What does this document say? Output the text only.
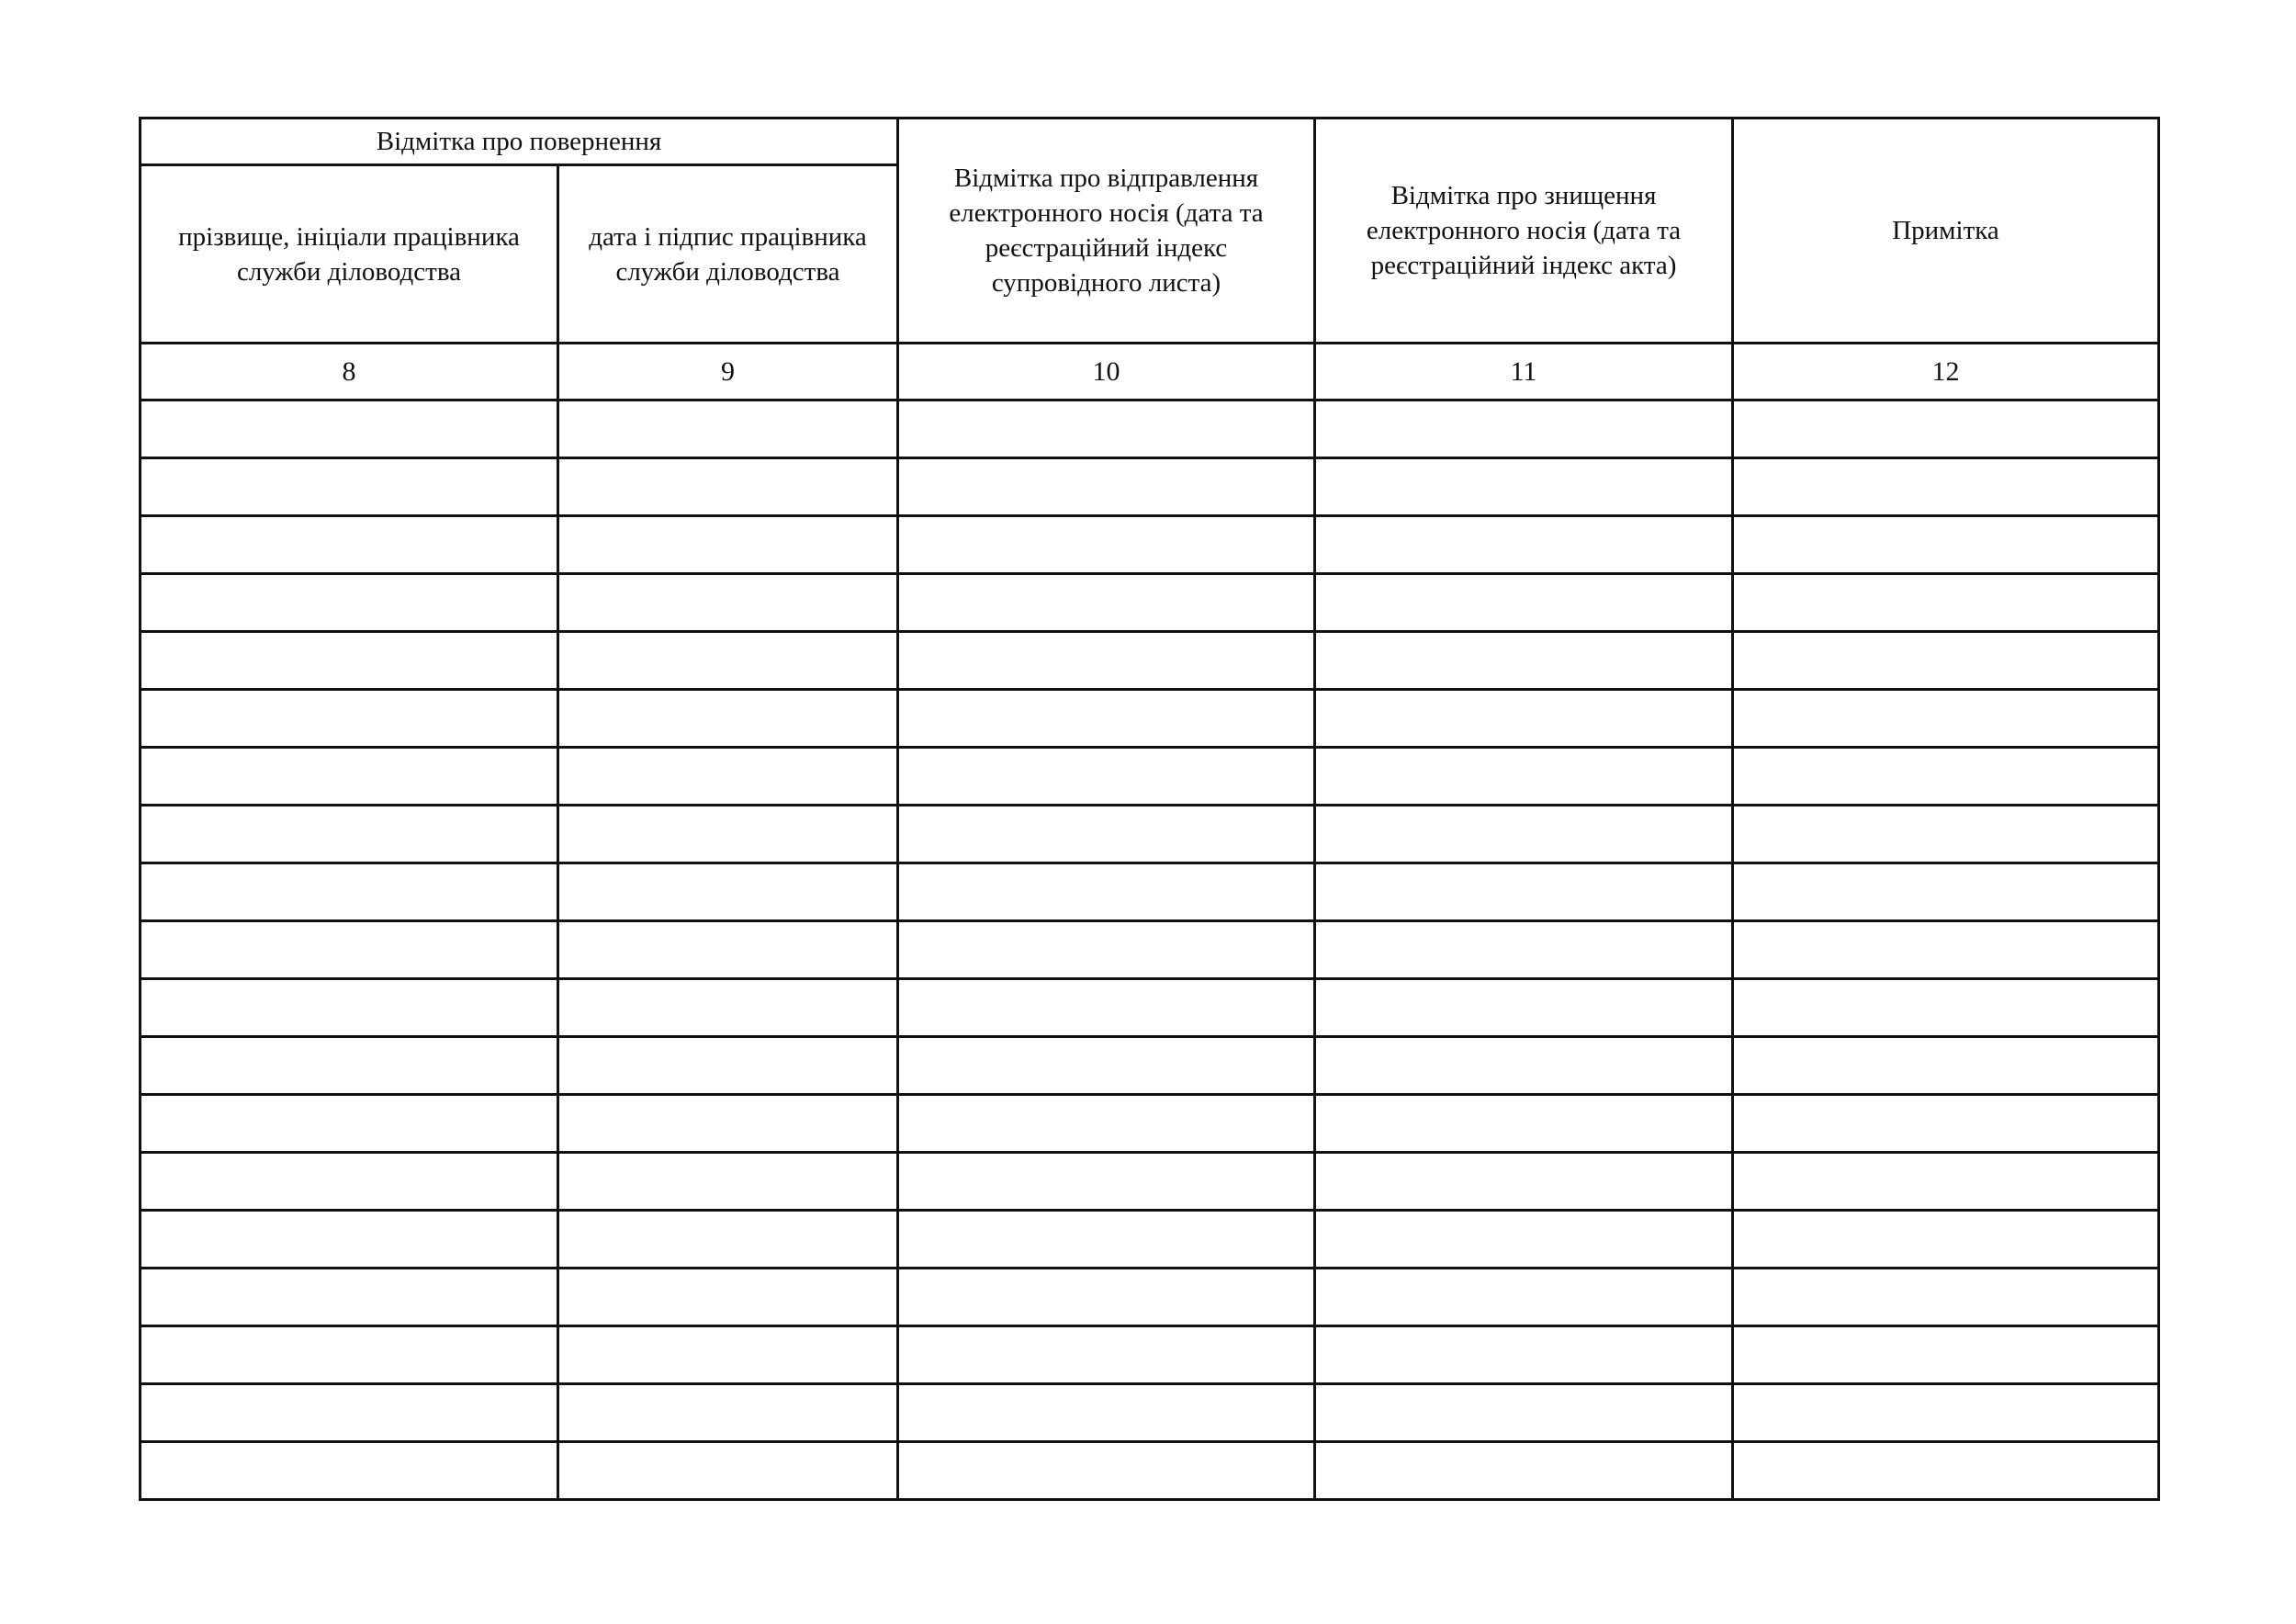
Відмітка про повернення		Відмітка про відправлення електронного носія (дата та реєстраційний індекс супровідного листа)	Відмітка про знищення електронного носія (дата та реєстраційний індекс акта)	Примітка
прізвище, ініціали працівника служби діловодства	дата і підпис працівника служби діловодства			
8	9	10	11	12
